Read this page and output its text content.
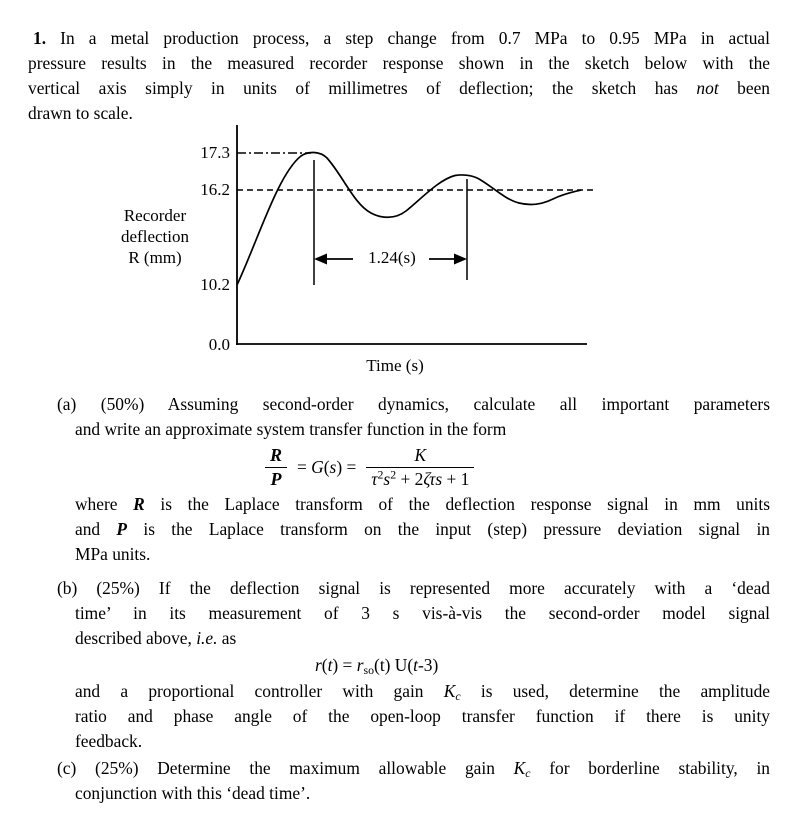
1. In a metal production process, a step change from 0.7 MPa to 0.95 MPa in actual
pressure results in the measured recorder response shown in the sketch below with the
vertical axis simply in units of millimetres of deflection; the sketch has not been
drawn to scale.
17.3
16.2
10.2
0.0
Recorder
deflection
R (mm)	1.24(s)
Time (s)
(a) (50%) Assuming second-order dynamics, calculate all important parameters
and write an approximate system transfer function in the form
$\frac{R}{P} = G(s) = \frac{K}{\tau^2s^2 + 2\zeta\tau s + 1}$
where R is the Laplace transform of the deflection response signal in mm units
and P is the Laplace transform on the input (step) pressure deviation signal in
MPa units.
(b) (25%) If the deflection signal is represented more accurately with a ‘dead
time’ in its measurement of 3 s vis-à-vis the second-order model signal
described above, i.e. as
$r(t) = r_{so}(t)$ U(t-3)
and a proportional controller with gain $K_c$ is used, determine the amplitude
ratio and phase angle of the open-loop transfer function if there is unity
feedback.
(c) (25%) Determine the maximum allowable gain $K_c$ for borderline stability, in
conjunction with this ‘dead time’.
